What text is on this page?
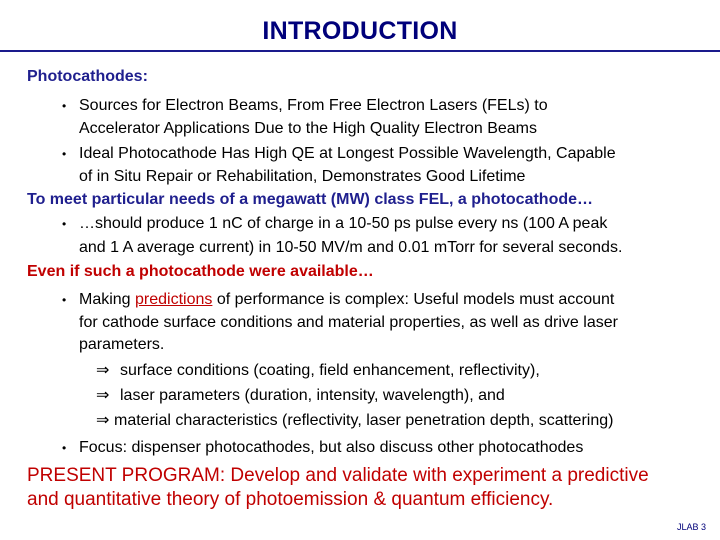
INTRODUCTION
Photocathodes:
• Sources for Electron Beams, From Free Electron Lasers (FELs) to
Accelerator Applications Due to the High Quality Electron Beams
• Ideal Photocathode Has High QE at Longest Possible Wavelength, Capable
of in Situ Repair or Rehabilitation, Demonstrates Good Lifetime
To meet particular needs of a megawatt (MW) class FEL, a photocathode…
• …should produce 1 nC of charge in a 10-50 ps pulse every ns (100 A peak
and 1 A average current) in 10-50 MV/m and 0.01 mTorr for several seconds.
Even if such a photocathode were available…
• Making predictions of performance is complex: Useful models must account
for cathode surface conditions and material properties, as well as drive laser
parameters.
⇒ surface conditions (coating, field enhancement, reflectivity),
⇒ laser parameters (duration, intensity, wavelength), and
⇒ material characteristics (reflectivity, laser penetration depth, scattering)
• Focus: dispenser photocathodes, but also discuss other photocathodes
PRESENT PROGRAM: Develop and validate with experiment a predictive
and quantitative theory of photoemission & quantum efficiency.
JLAB 3
